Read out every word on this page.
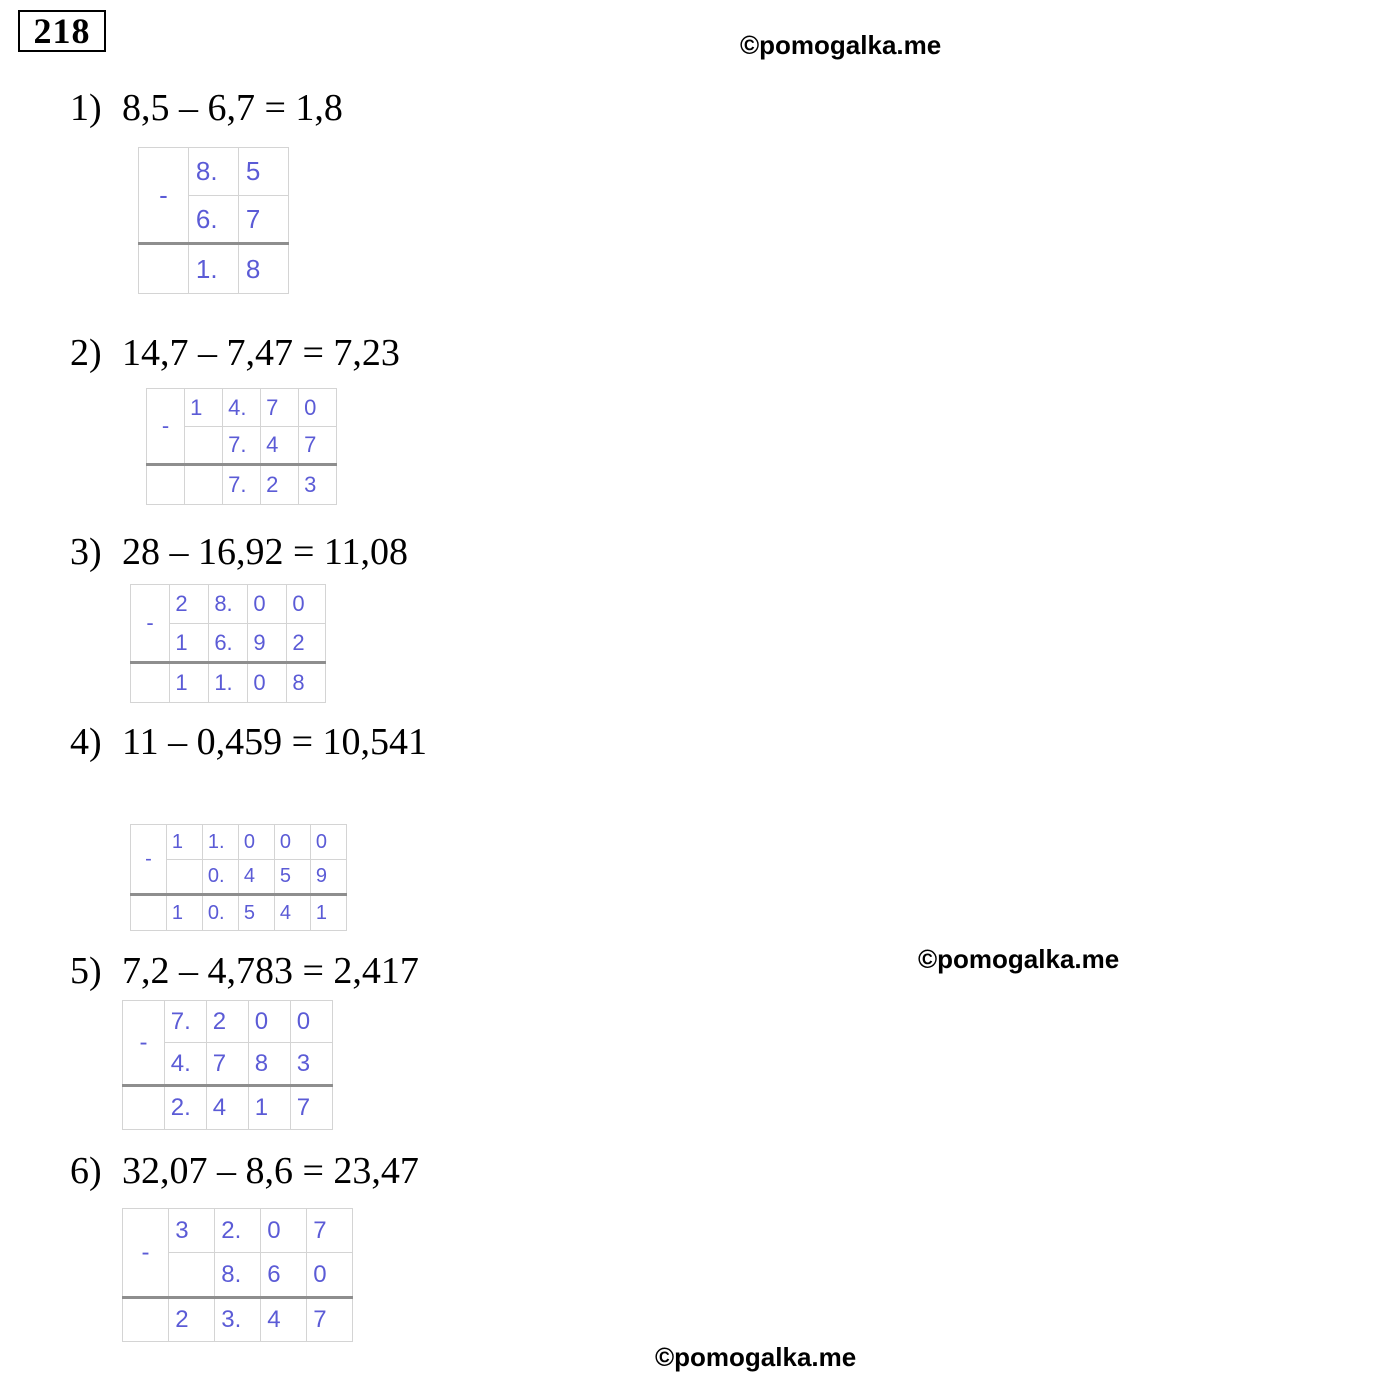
218	©pomogalka.me
©pomogalka.me
©pomogalka.me
1) 8,5 – 6,7 = 1,8
-	8.	5
	6.	7
	1.	8
2) 14,7 – 7,47 = 7,23
-	1	4.	7	0
		7.	4	7
		7.	2	3
3) 28 – 16,92 = 11,08
-	2	8.	0	0
	1	6.	9	2
	1	1.	0	8
4) 11 – 0,459 = 10,541
-	1	1.	0	0	0
		0.	4	5	9
	1	0.	5	4	1
5) 7,2 – 4,783 = 2,417
-	7.	2	0	0
	4.	7	8	3
	2.	4	1	7
6) 32,07 – 8,6 = 23,47
-	3	2.	0	7
		8.	6	0
	2	3.	4	7
